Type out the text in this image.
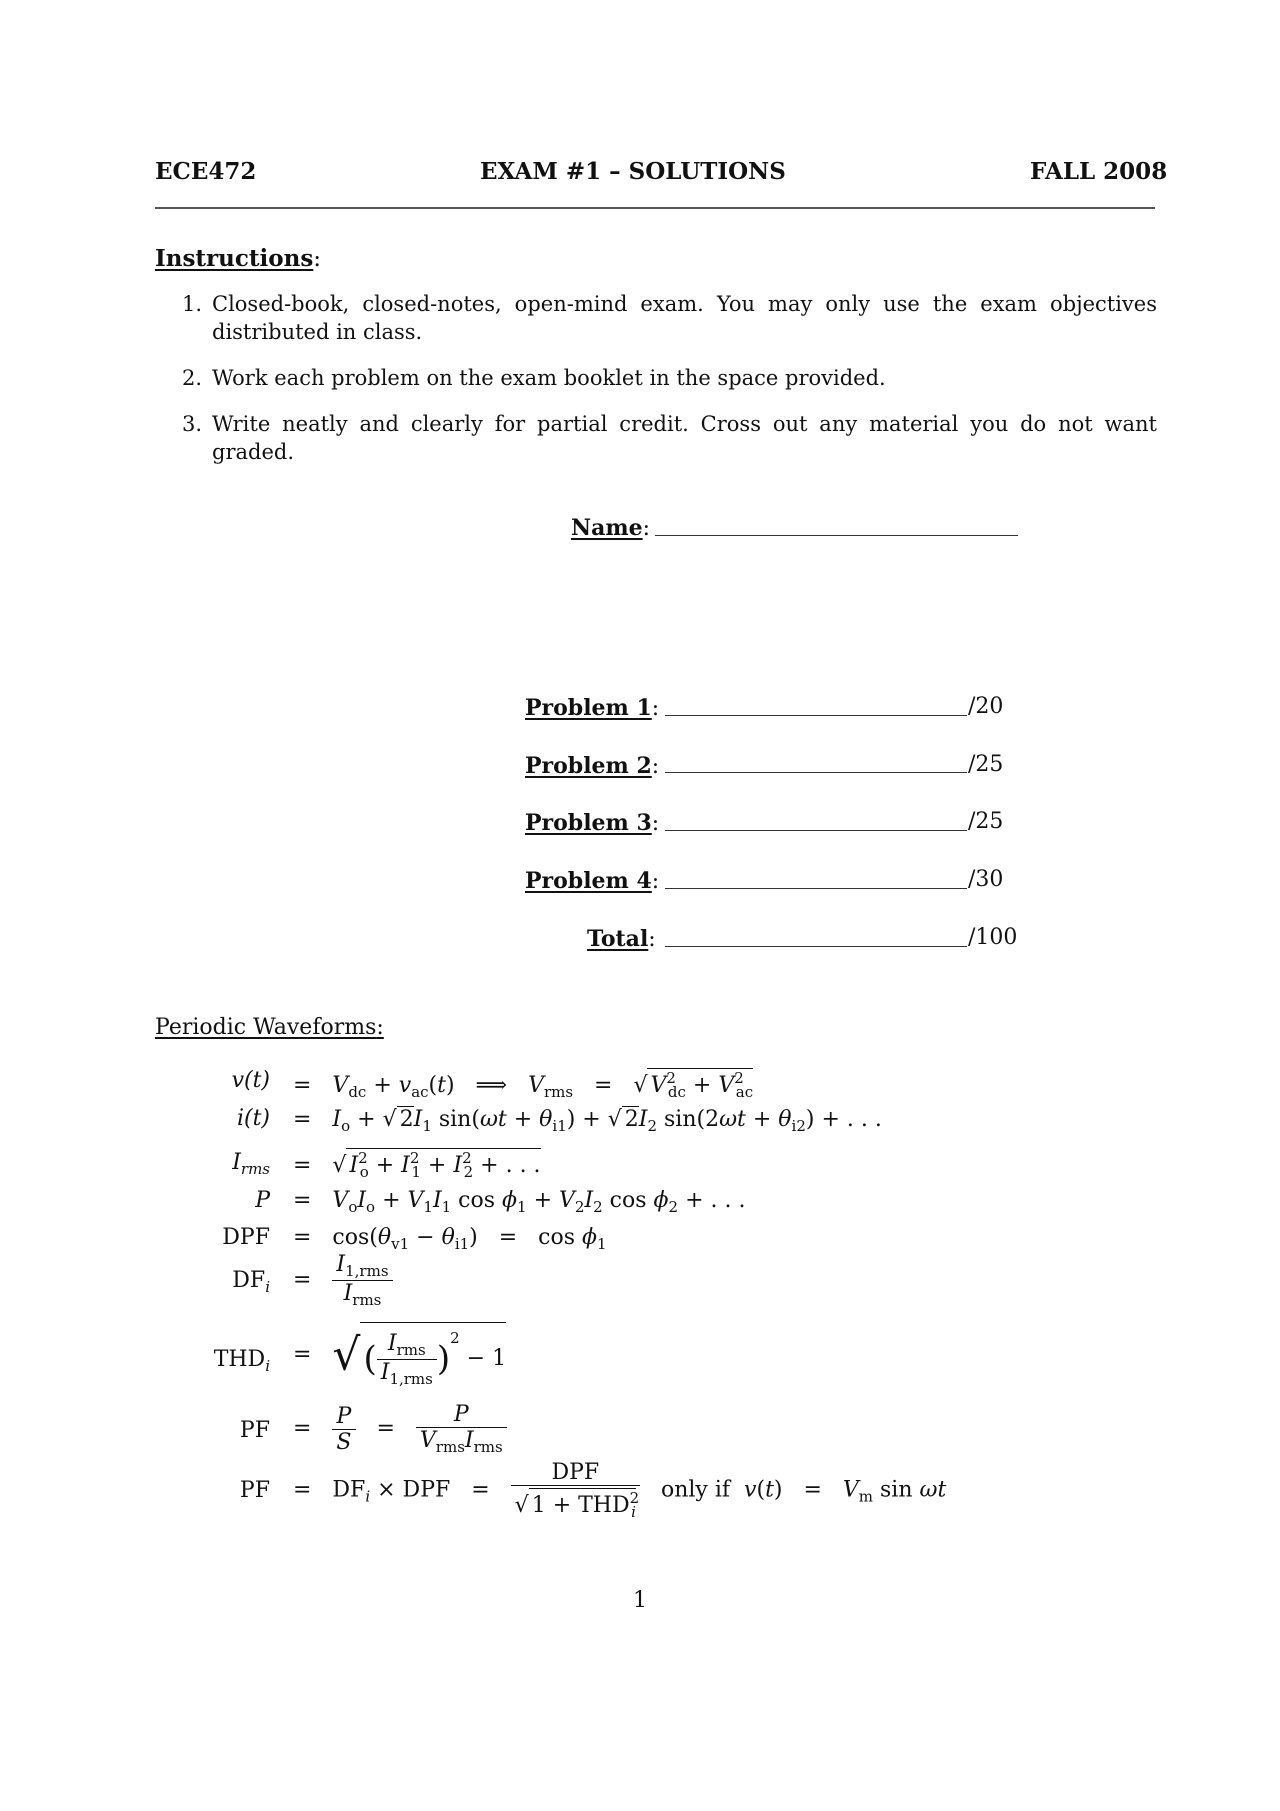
ECE472	EXAM #1 – SOLUTIONS	FALL 2008
Instructions:
1. Closed-book, closed-notes, open-mind exam. You may only use the exam objectives distributed in class.
2. Work each problem on the exam booklet in the space provided.
3. Write neatly and clearly for partial credit. Cross out any material you do not want graded.
Name:
Problem 1:	/20
Problem 2:	/25
Problem 3:	/25
Problem 4:	/30
Total:	/100
Periodic Waveforms:
$v(t) = V_{dc} + v_{ac}(t)$   ⟹   $V_{rms}$   =   √ $V^2_{dc} + V^2_{ac}$
$i(t) = I_o$ + √ $2I_1$ $\sin(\omega t + \theta_{i1})$ + √ $2I_2$ $\sin(2\omega t + \theta_{i2})$ + . . .
$I_{rms}$ =   √ $I^2_o + I^2_1 + I^2_2$ + . . .
$P = V_oI_o + V_1I_1$ $\cos \phi_1 + V_2I_2$ $\cos \phi_2$ + . . .
DPF =   $\cos(\theta_{v1} - \theta_{i1}) = \cos \phi_1$
$DF_i = \frac{I_{1,rms}}{I_{rms}}$
$THD_i$ =   √( $\frac{I_{rms}}{I_{1,rms}} )^2 - 1$
PF = $\frac{P}{S} = \frac{P}{V_{rms}I_{rms}}$
PF =   $DF_i$ × DPF   = $\frac{\text{DPF}}{√ 1 + THD^2_i}$ only if $v(t) = V_m$ sin ωt
1
